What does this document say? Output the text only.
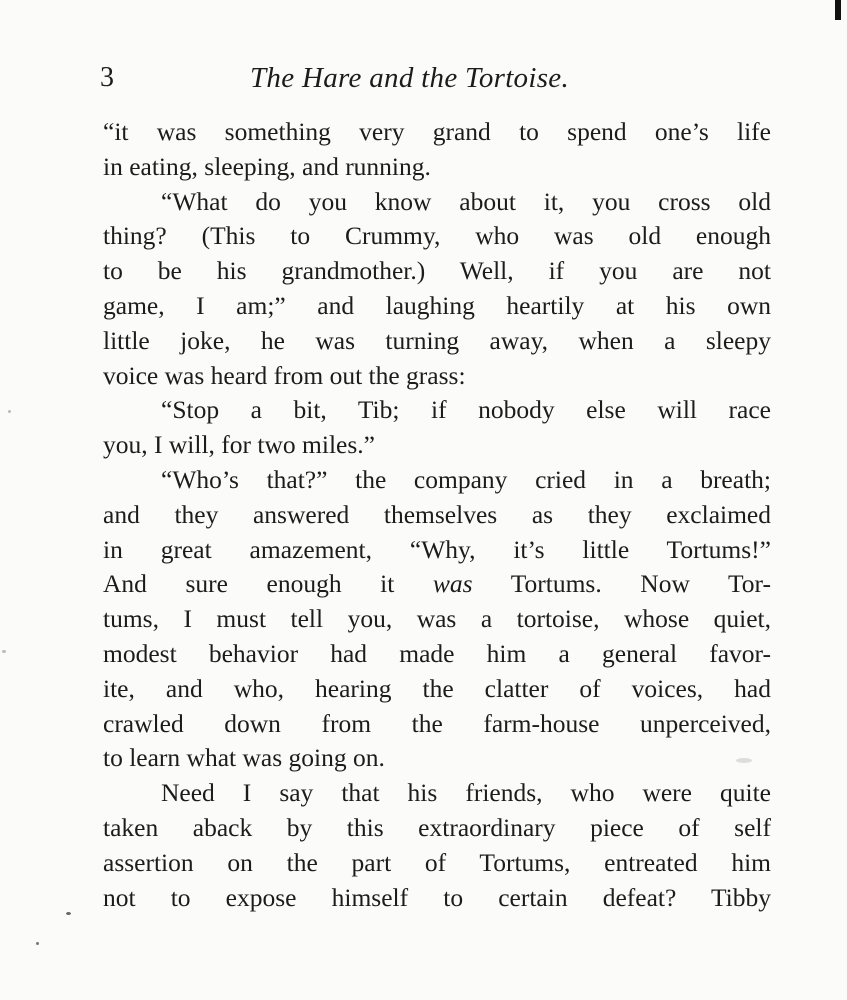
3	The Hare and the Tortoise.
“it was something very grand to spend one’s life
in eating, sleeping, and running.
“What do you know about it, you cross old
thing? (This to Crummy, who was old enough
to be his grandmother.) Well, if you are not
game, I am;” and laughing heartily at his own
little joke, he was turning away, when a sleepy
voice was heard from out the grass:
“Stop a bit, Tib; if nobody else will race
you, I will, for two miles.”
“Who’s that?” the company cried in a breath;
and they answered themselves as they exclaimed
in great amazement, “Why, it’s little Tortums!”
And sure enough it was Tortums. Now Tor-
tums, I must tell you, was a tortoise, whose quiet,
modest behavior had made him a general favor-
ite, and who, hearing the clatter of voices, had
crawled down from the farm-house unperceived,
to learn what was going on.
Need I say that his friends, who were quite
taken aback by this extraordinary piece of self
assertion on the part of Tortums, entreated him
not to expose himself to certain defeat? Tibby
